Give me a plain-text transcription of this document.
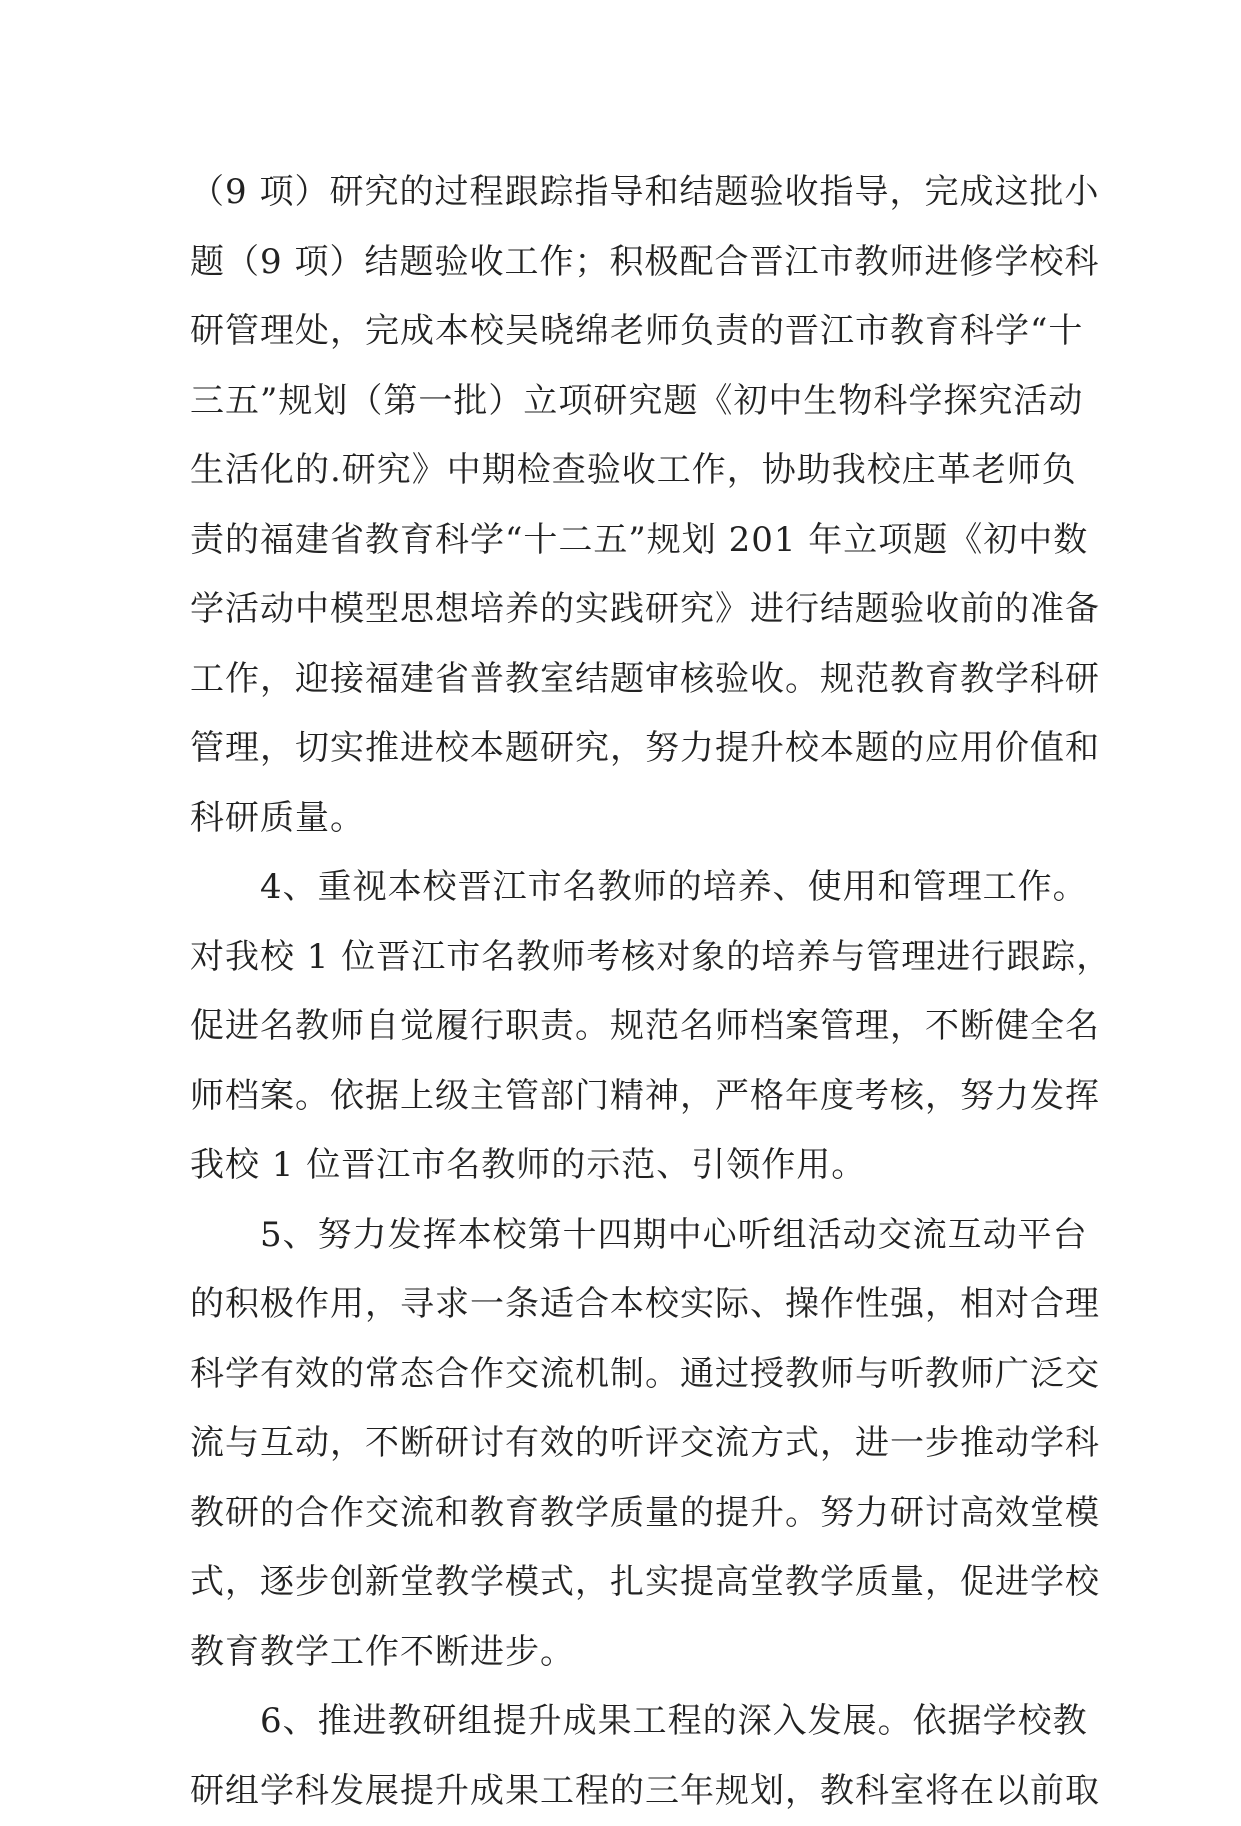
（9 项）研究的过程跟踪指导和结题验收指导，完成这批小
题（9 项）结题验收工作；积极配合晋江市教师进修学校科
研管理处，完成本校吴晓绵老师负责的晋江市教育科学“十
三五”规划（第一批）立项研究题《初中生物科学探究活动
生活化的.研究》中期检查验收工作，协助我校庄革老师负
责的福建省教育科学“十二五”规划 201 年立项题《初中数
学活动中模型思想培养的实践研究》进行结题验收前的准备
工作，迎接福建省普教室结题审核验收。规范教育教学科研
管理，切实推进校本题研究，努力提升校本题的应用价值和
科研质量。
　　4、重视本校晋江市名教师的培养、使用和管理工作。
对我校 1 位晋江市名教师考核对象的培养与管理进行跟踪，
促进名教师自觉履行职责。规范名师档案管理，不断健全名
师档案。依据上级主管部门精神，严格年度考核，努力发挥
我校 1 位晋江市名教师的示范、引领作用。
　　5、努力发挥本校第十四期中心听组活动交流互动平台
的积极作用，寻求一条适合本校实际、操作性强，相对合理
科学有效的常态合作交流机制。通过授教师与听教师广泛交
流与互动，不断研讨有效的听评交流方式，进一步推动学科
教研的合作交流和教育教学质量的提升。努力研讨高效堂模
式，逐步创新堂教学模式，扎实提高堂教学质量，促进学校
教育教学工作不断进步。
　　6、推进教研组提升成果工程的深入发展。依据学校教
研组学科发展提升成果工程的三年规划，教科室将在以前取
